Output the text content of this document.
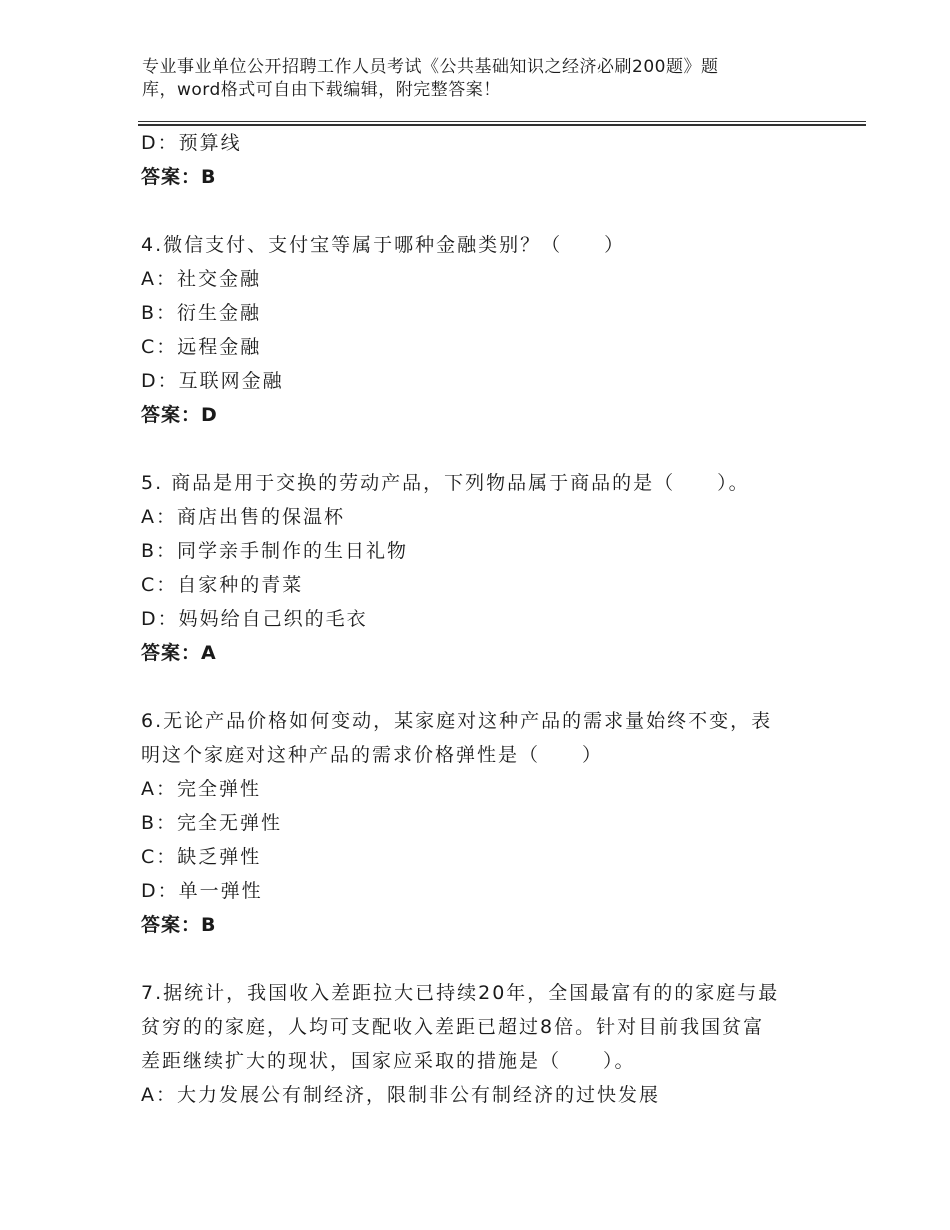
专业事业单位公开招聘工作人员考试《公共基础知识之经济必刷200题》题
库，word格式可自由下载编辑，附完整答案！
D：预算线
答案：B
4.微信支付、支付宝等属于哪种金融类别？（　　）
A：社交金融
B：衍生金融
C：远程金融
D：互联网金融
答案：D
5. 商品是用于交换的劳动产品，下列物品属于商品的是（　　）。
A：商店出售的保温杯
B：同学亲手制作的生日礼物
C：自家种的青菜
D：妈妈给自己织的毛衣
答案：A
6.无论产品价格如何变动，某家庭对这种产品的需求量始终不变，表
明这个家庭对这种产品的需求价格弹性是（　　）
A：完全弹性
B：完全无弹性
C：缺乏弹性
D：单一弹性
答案：B
7.据统计，我国收入差距拉大已持续20年，全国最富有的的家庭与最
贫穷的的家庭，人均可支配收入差距已超过8倍。针对目前我国贫富
差距继续扩大的现状，国家应采取的措施是（　　）。
A：大力发展公有制经济，限制非公有制经济的过快发展
